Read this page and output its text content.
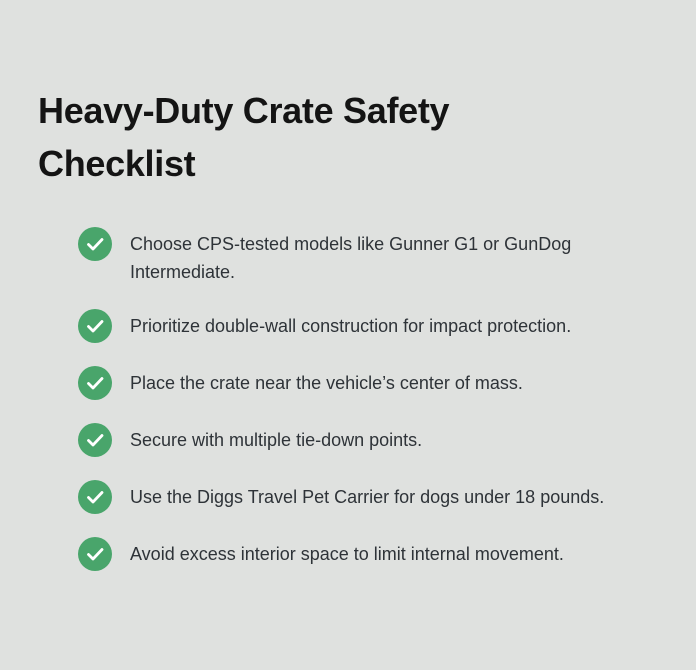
Heavy-Duty Crate Safety Checklist
Choose CPS-tested models like Gunner G1 or GunDog Intermediate.
Prioritize double-wall construction for impact protection.
Place the crate near the vehicle’s center of mass.
Secure with multiple tie-down points.
Use the Diggs Travel Pet Carrier for dogs under 18 pounds.
Avoid excess interior space to limit internal movement.
